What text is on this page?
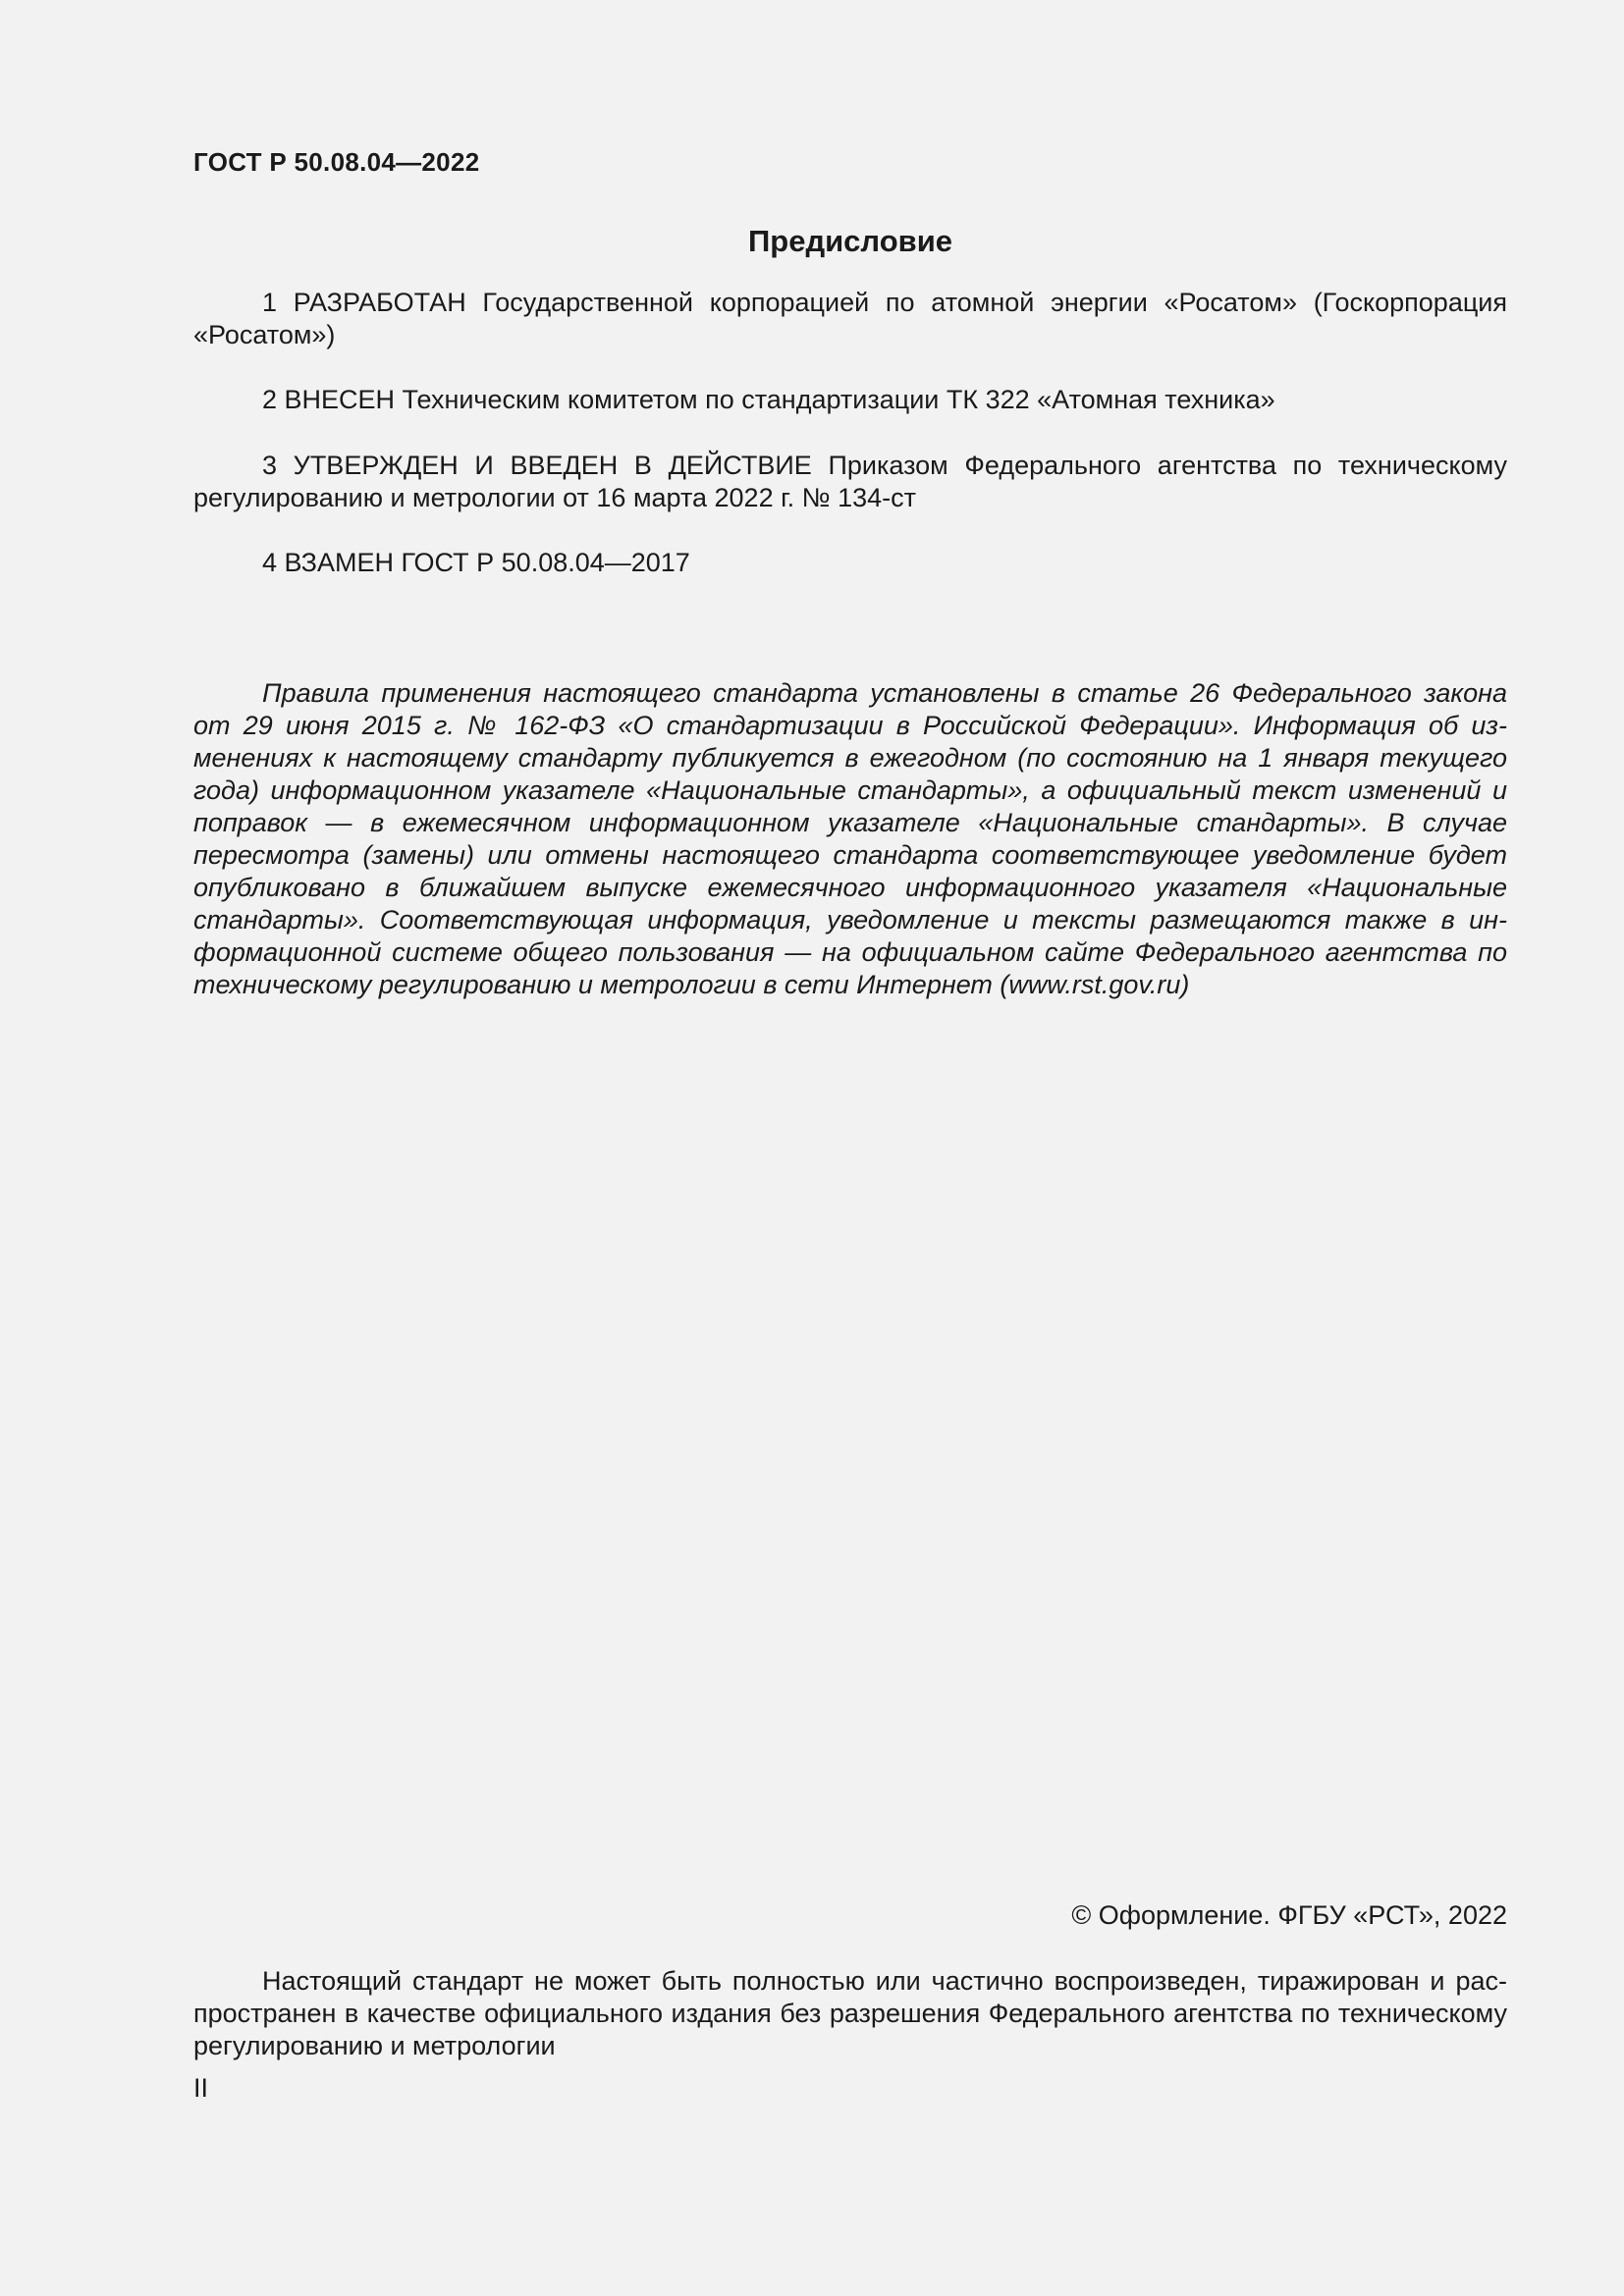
ГОСТ Р 50.08.04—2022
Предисловие

1 РАЗРАБОТАН Государственной корпорацией по атомной энергии «Росатом» (Госкорпорация «Росатом»)

2 ВНЕСЕН Техническим комитетом по стандартизации ТК 322 «Атомная техника»

3 УТВЕРЖДЕН И ВВЕДЕН В ДЕЙСТВИЕ Приказом Федерального агентства по техническому регулированию и метрологии от 16 марта 2022 г. № 134-ст

4 ВЗАМЕН ГОСТ Р 50.08.04—2017

Правила применения настоящего стандарта установлены в статье 26 Федерального закона от 29 июня 2015 г. № 162-ФЗ «О стандартизации в Российской Федерации». Информация об изменениях к настоящему стандарту публикуется в ежегодном (по состоянию на 1 января текущего года) информационном указателе «Национальные стандарты», а официальный текст изменений и поправок — в ежемесячном информационном указателе «Национальные стандарты». В случае пересмотра (замены) или отмены настоящего стандарта соответствующее уведомление будет опубликовано в ближайшем выпуске ежемесячного информационного указателя «Национальные стандарты». Соответствующая информация, уведомление и тексты размещаются также в информационной системе общего пользования — на официальном сайте Федерального агентства по техническому регулированию и метрологии в сети Интернет (www.rst.gov.ru)

© Оформление. ФГБУ «РСТ», 2022

Настоящий стандарт не может быть полностью или частично воспроизведен, тиражирован и распространен в качестве официального издания без разрешения Федерального агентства по техническому регулированию и метрологии

II
